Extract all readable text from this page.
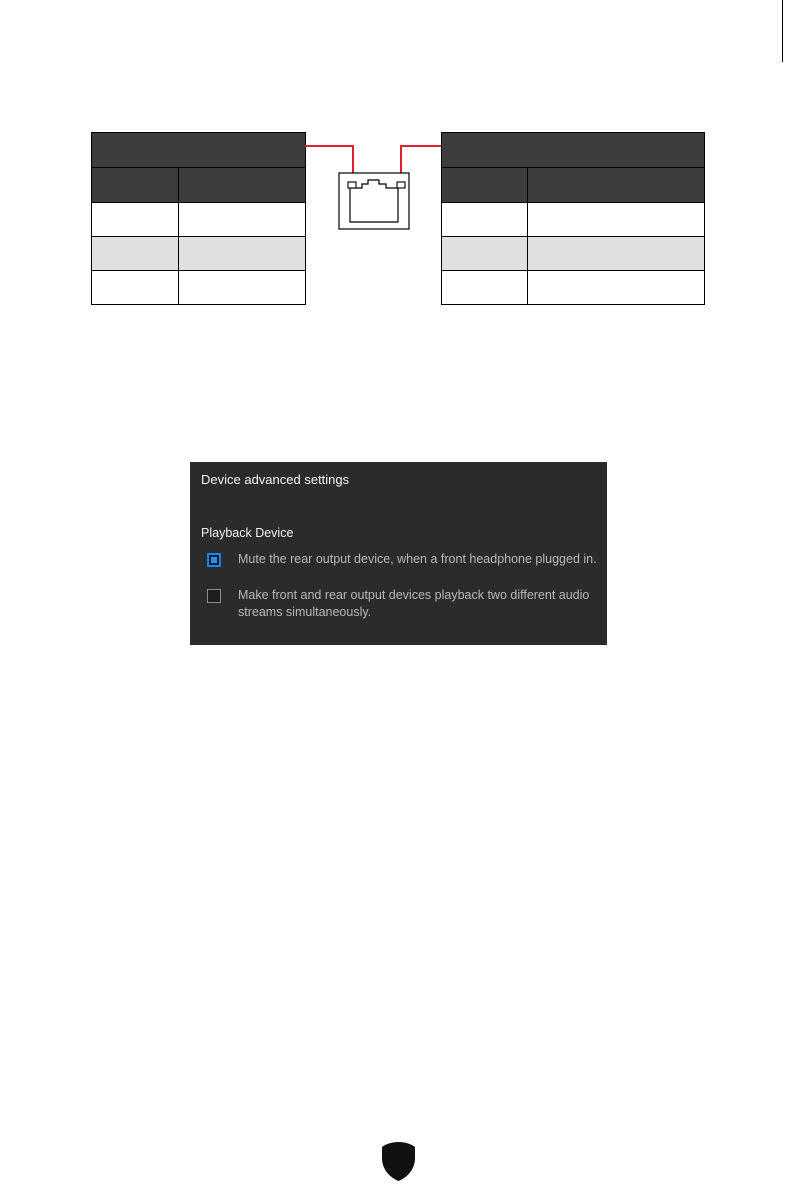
Device advanced settings
Playback Device
Mute the rear output device, when a front headphone plugged in.
Make front and rear output devices playback two different audio streams simultaneously.
